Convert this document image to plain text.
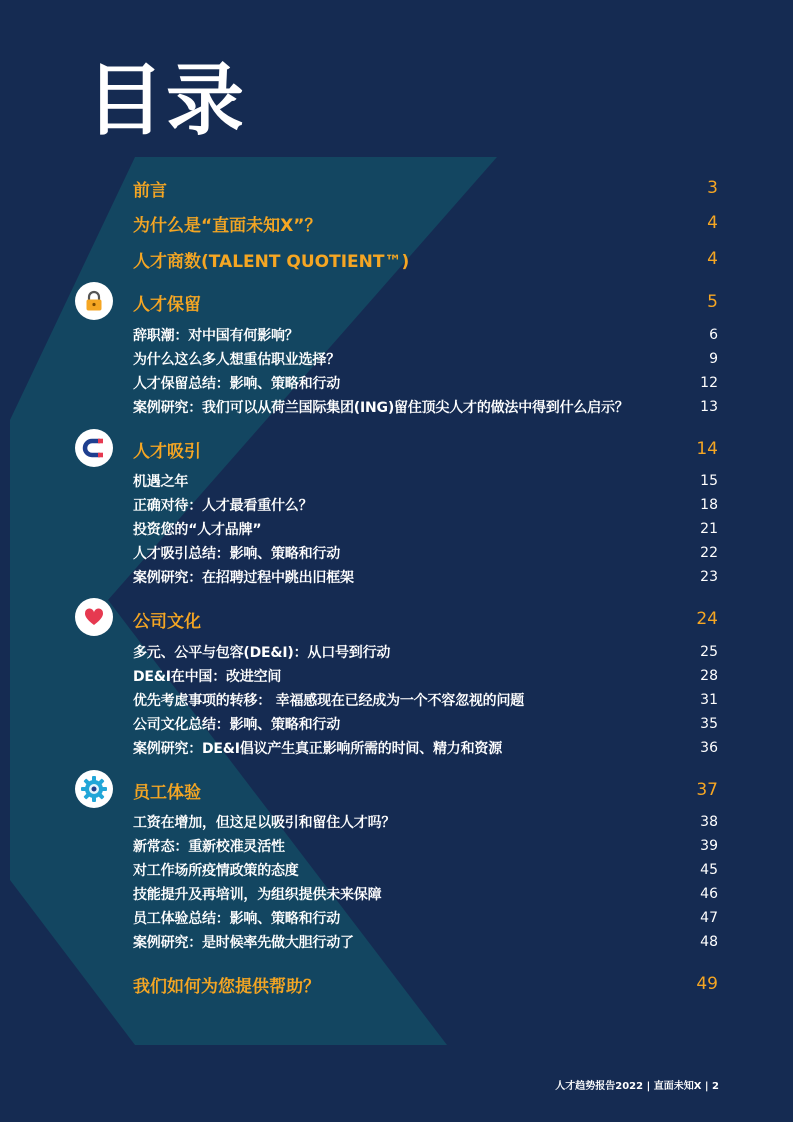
目录
前言	3
为什么是“直面未知X”？	4
人才商数(TALENT QUOTIENT™)	4
人才保留	5
辞职潮：对中国有何影响？	6
为什么这么多人想重估职业选择？	9
人才保留总结：影响、策略和行动	12
案例研究：我们可以从荷兰国际集团(ING)留住顶尖人才的做法中得到什么启示？	13
人才吸引	14
机遇之年	15
正确对待：人才最看重什么？	18
投资您的“人才品牌”	21
人才吸引总结：影响、策略和行动	22
案例研究：在招聘过程中跳出旧框架	23
公司文化	24
多元、公平与包容(DE&I)：从口号到行动	25
DE&I在中国：改进空间	28
优先考虑事项的转移： 幸福感现在已经成为一个不容忽视的问题	31
公司文化总结：影响、策略和行动	35
案例研究：DE&I倡议产生真正影响所需的时间、精力和资源	36
员工体验	37
工资在增加，但这足以吸引和留住人才吗？	38
新常态：重新校准灵活性	39
对工作场所疫情政策的态度	45
技能提升及再培训，为组织提供未来保障	46
员工体验总结：影响、策略和行动	47
案例研究：是时候率先做大胆行动了	48
我们如何为您提供帮助？	49
人才趋势报告2022 | 直面未知X | 2
